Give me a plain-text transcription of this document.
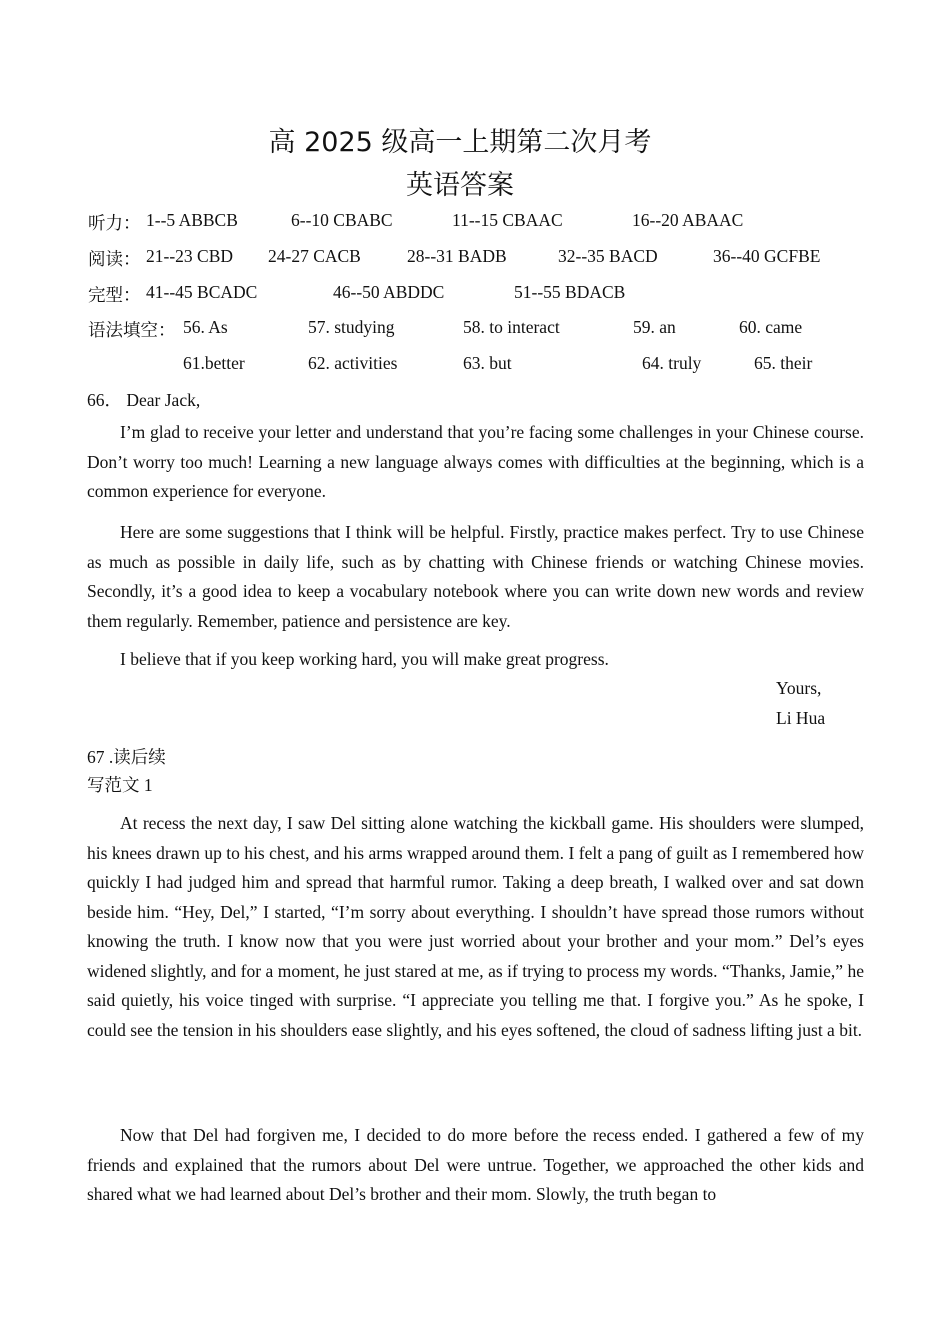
高 2025 级高一上期第二次月考
英语答案
听力： 1--5 ABBCB	6--10 CBABC	11--15 CBAAC	16--20 ABAAC
阅读： 21--23 CBD 24-27 CACB	28--31 BADB	32--35 BACD	36--40 GCFBE
完型： 41--45 BCADC	46--50 ABDDC	51--55 BDACB
语法填空： 56. As	57. studying	58. to interact	59. an	60. came
61.better	62. activities	63. but	64. truly	65. their
66． Dear Jack,

I’m glad to receive your letter and understand that you’re facing some challenges in your Chinese course. Don’t worry too much! Learning a new language always comes with difficulties at the beginning, which is a common experience for everyone.

Here are some suggestions that I think will be helpful. Firstly, practice makes perfect. Try to use Chinese as much as possible in daily life, such as by chatting with Chinese friends or watching Chinese movies. Secondly, it’s a good idea to keep a vocabulary notebook where you can write down new words and review them regularly. Remember, patience and persistence are key.

I believe that if you keep working hard, you will make great progress.

Yours,
Li Hua
67 .读后续
写范文 1

At recess the next day, I saw Del sitting alone watching the kickball game. His shoulders were slumped, his knees drawn up to his chest, and his arms wrapped around them. I felt a pang of guilt as I remembered how quickly I had judged him and spread that harmful rumor. Taking a deep breath, I walked over and sat down beside him. “Hey, Del,” I started, “I’m sorry about everything. I shouldn’t have spread those rumors without knowing the truth. I know now that you were just worried about your brother and your mom.” Del’s eyes widened slightly, and for a moment, he just stared at me, as if trying to process my words. “Thanks, Jamie,” he said quietly, his voice tinged with surprise. “I appreciate you telling me that. I forgive you.” As he spoke, I could see the tension in his shoulders ease slightly, and his eyes softened, the cloud of sadness lifting just a bit.

Now that Del had forgiven me, I decided to do more before the recess ended. I gathered a few of my friends and explained that the rumors about Del were untrue. Together, we approached the other kids and shared what we had learned about Del’s brother and their mom. Slowly, the truth began to
